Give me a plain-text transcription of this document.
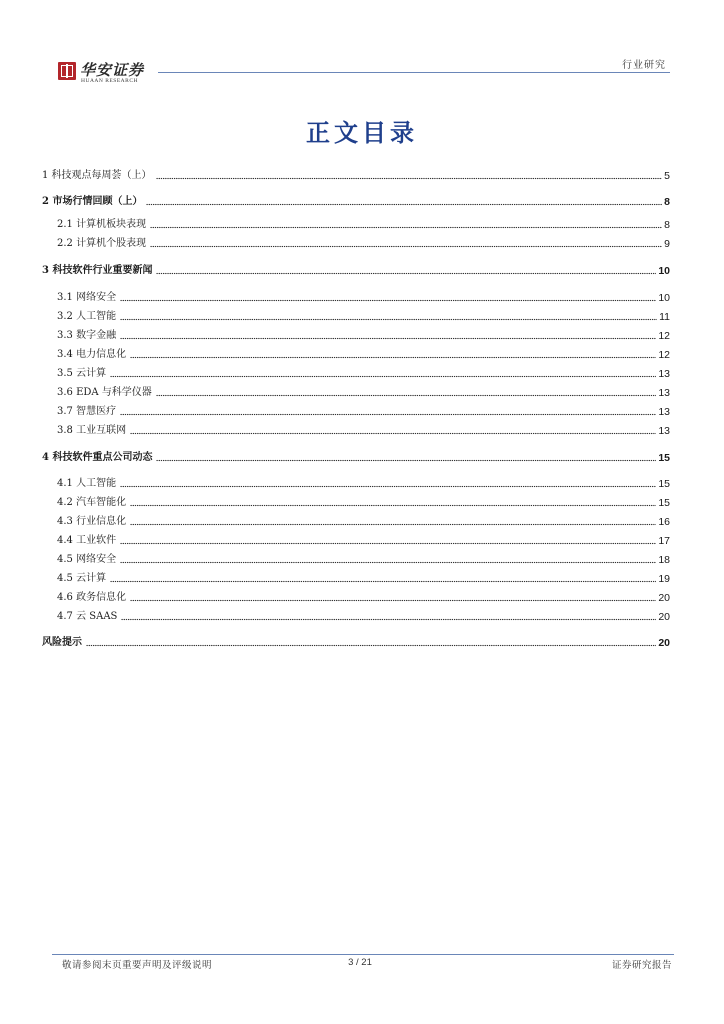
华安证券
HUAAN RESEARCH
行业研究
正文目录
1 科技观点每周荟（上）	5
2 市场行情回顾（上）	8
2.1 计算机板块表现	8
2.2 计算机个股表现	9
3 科技软件行业重要新闻	10
3.1 网络安全	10
3.2 人工智能	11
3.3 数字金融	12
3.4 电力信息化	12
3.5 云计算	13
3.6 EDA 与科学仪器	13
3.7 智慧医疗	13
3.8 工业互联网	13
4 科技软件重点公司动态	15
4.1 人工智能	15
4.2 汽车智能化	15
4.3 行业信息化	16
4.4 工业软件	17
4.5 网络安全	18
4.5 云计算	19
4.6 政务信息化	20
4.7 云 SAAS	20
风险提示	20
敬请参阅末页重要声明及评级说明	3 / 21	证券研究报告
